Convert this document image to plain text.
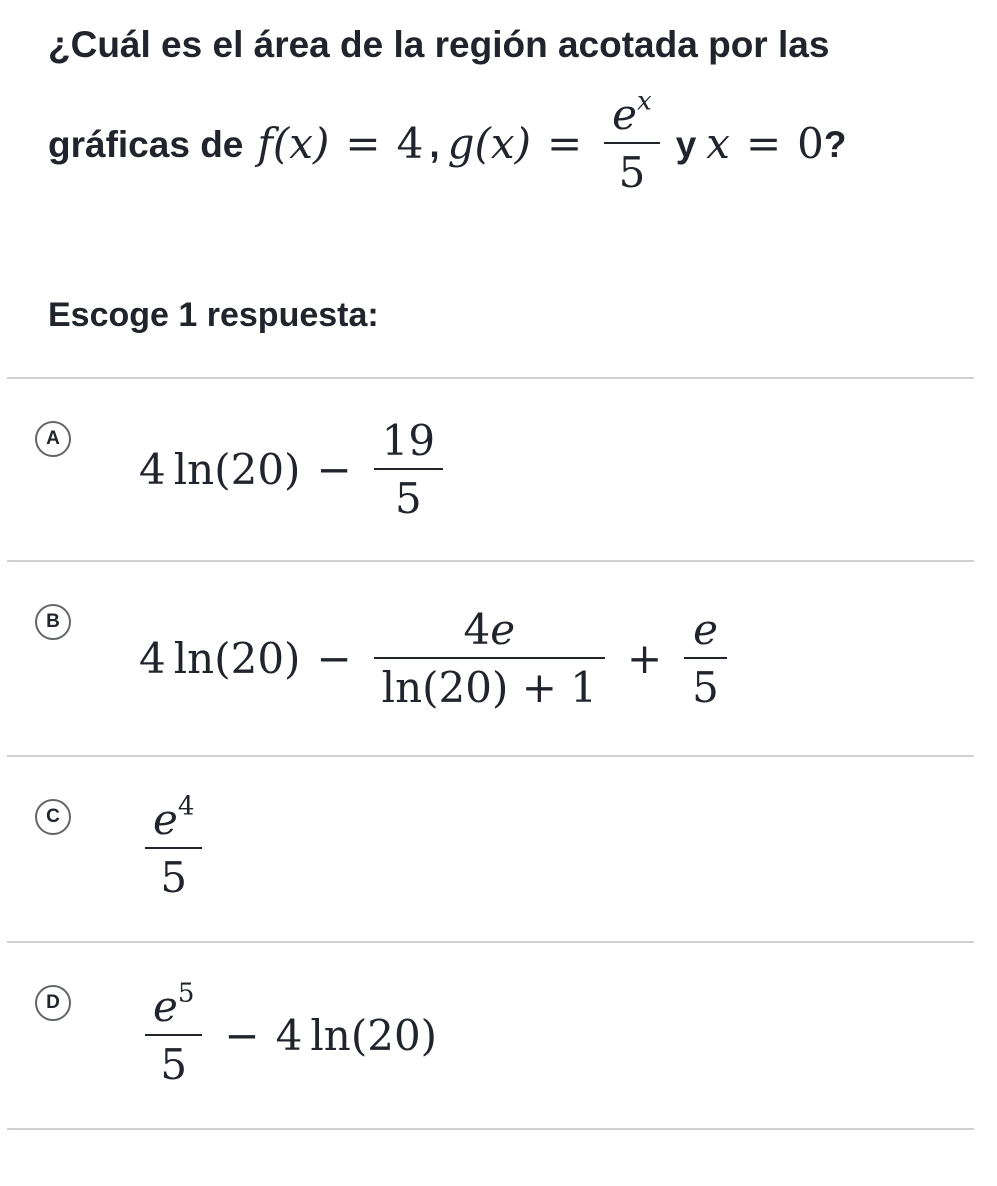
¿Cuál es el área de la región acotada por las
gráficas de f(x) = 4 , $g(x) = \frac{e^x}{5}$ y x = 0 ?
Escoge 1 respuesta:
A
4 $\ln(20) - \frac{19}{5}$
B
4 $\ln(20) - \frac{4e}{\ln(20) + 1} + \frac{e}{5}$
C $\frac{e^4}{5}$
D $\frac{e^5}{5} - 4$ ln(20)
